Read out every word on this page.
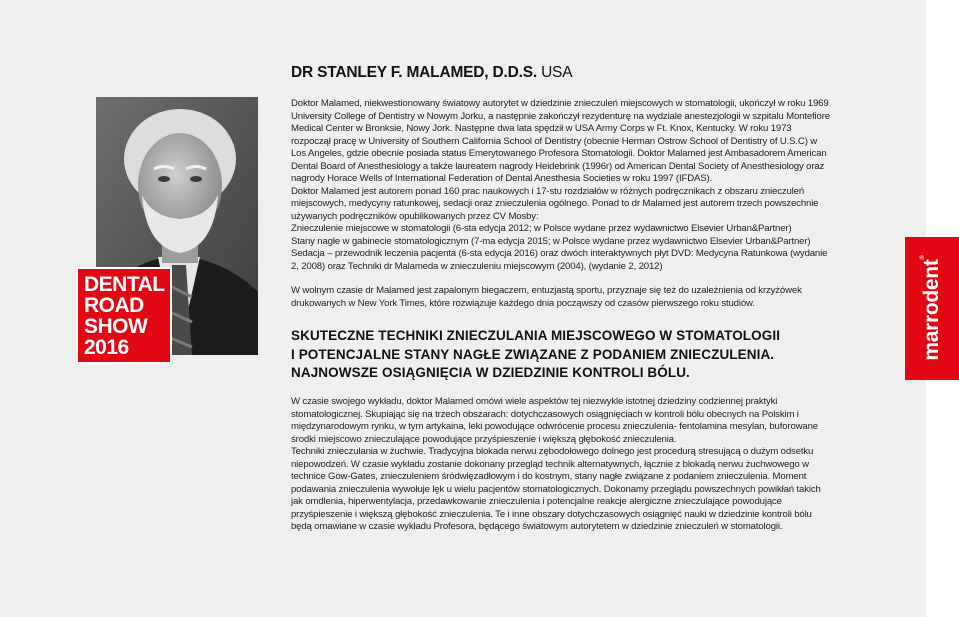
DR STANLEY F. MALAMED, D.D.S. USA
DENTAL
ROAD
SHOW
2016

Doktor Malamed, niekwestionowany światowy autorytet w dziedzinie znieczuleń miejscowych w stomatologii, ukończył w roku 1969 University College of Dentistry w Nowym Jorku, a następnie zakończył rezydenturę na wydziale anestezjologii w szpitalu Montefiore Medical Center w Bronksie, Nowy Jork. Następne dwa lata spędził w USA Army Corps w Ft. Knox, Kentucky. W roku 1973 rozpoczął pracę w University of Southern California School of Dentistry (obecnie Herman Ostrow School of Dentistry of U.S.C) w Los Angeles, gdzie obecnie posiada status Emerytowanego Profesora Stomatologii. Doktor Malamed jest Ambasadorem American Dental Board of Anesthesiology a także laureatem nagrody Heidebrink (1996r) od American Dental Society of Anesthesiology oraz nagrody Horace Wells of International Federation of Dental Anesthesia Societies w roku 1997 (IFDAS).

Doktor Malamed jest autorem ponad 160 prac naukowych i 17-stu rozdziałów w różnych podręcznikach z obszaru znieczuleń miejscowych, medycyny ratunkowej, sedacji oraz znieczulenia ogólnego. Ponad to dr Malamed jest autorem trzech powszechnie używanych podręczników opublikowanych przez CV Mosby:

Znieczulenie miejscowe w stomatologii (6-sta edycja 2012; w Polsce wydane przez wydawnictwo Elsevier Urban&Partner)

Stany nagłe w gabinecie stomatologicznym (7-ma edycja 2015; w Polsce wydane przez wydawnictwo Elsevier Urban&Partner)

Sedacja – przewodnik leczenia pacjenta (6-sta edycja 2016) oraz dwóch interaktywnych płyt DVD: Medycyna Ratunkowa (wydanie 2, 2008) oraz Techniki dr Malameda w znieczuleniu miejscowym (2004), (wydanie 2, 2012)

W wolnym czasie dr Malamed jest zapalonym biegaczem, entuzjastą sportu, przyznaje się też do uzależnienia od krzyżówek drukowanych w New York Times, które rozwiązuje każdego dnia począwszy od czasów pierwszego roku studiów.

SKUTECZNE TECHNIKI ZNIECZULANIA MIEJSCOWEGO W STOMATOLOGII
I POTENCJALNE STANY NAGŁE ZWIĄZANE Z PODANIEM ZNIECZULENIA.
NAJNOWSZE OSIĄGNIĘCIA W DZIEDZINIE KONTROLI BÓLU.

W czasie swojego wykładu, doktor Malamed omówi wiele aspektów tej niezwykle istotnej dziedziny codziennej praktyki stomatologicznej. Skupiając się na trzech obszarach: dotychczasowych osiągnięciach w kontroli bólu obecnych na Polskim i międzynarodowym rynku, w tym artykaina, leki powodujące odwrócenie procesu znieczulenia- fentolamina mesylan, buforowane środki miejscowo znieczulające powodujące przyśpieszenie i większą głębokość znieczulenia.

Techniki znieczulania w żuchwie. Tradycyjna blokada nerwu zębodołowego dolnego jest procedurą stresującą o dużym odsetku niepowodzeń. W czasie wykładu zostanie dokonany przegląd technik alternatywnych, łącznie z blokadą nerwu żuchwowego w technice Gow-Gates, znieczuleniem śródwięzadłowym i do kostnym, stany nagłe związane z podaniem znieczulenia. Moment podawania znieczulenia wywołuje lęk u wielu pacjentów stomatologicznych. Dokonamy przeglądu powszechnych powikłań takich jak omdlenia, hiperwentylacja, przedawkowanie znieczulenia i potencjalne reakcje alergiczne znieczulające powodujące przyśpieszenie i większą głębokość znieczulenia. Te i inne obszary dotychczasowych osiągnięć nauki w dziedzinie kontroli bólu będą omawiane w czasie wykładu Profesora, będącego światowym autorytetem w dziedzinie znieczuleń w stomatologii.

marrodent®
